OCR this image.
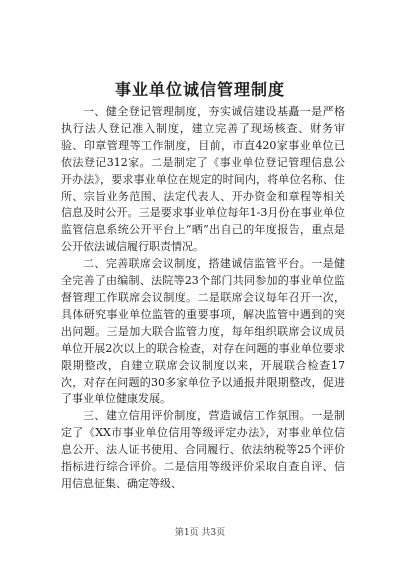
事业单位诚信管理制度

一、健全登记管理制度，夯实诚信建设基矗一是严格执行法人登记准入制度，建立完善了现场核查、财务审验、印章管理等工作制度，目前，市直420家事业单位已依法登记312家。二是制定了《事业单位登记管理信息公开办法》，要求事业单位在规定的时间内，将单位名称、住所、宗旨业务范围、法定代表人、开办资金和章程等相关信息及时公开。三是要求事业单位每年1-3月份在事业单位监管信息系统公开平台上“晒”出自己的年度报告，重点是公开依法诚信履行职责情况。

二、完善联席会议制度，搭建诚信监管平台。一是健全完善了由编制、法院等23个部门共同参加的事业单位监督管理工作联席会议制度。二是联席会议每年召开一次，具体研究事业单位监管的重要事项，解决监管中遇到的突出问题。三是加大联合监管力度，每年组织联席会议成员单位开展2次以上的联合检查，对存在问题的事业单位要求限期整改，自建立联席会议制度以来，开展联合检查17次，对存在问题的30多家单位予以通报并限期整改，促进了事业单位健康发展。

三、建立信用评价制度，营造诚信工作氛围。一是制定了《XX市事业单位信用等级评定办法》，对事业单位信息公开、法人证书使用、合同履行、依法纳税等25个评价指标进行综合评价。二是信用等级评价采取自查自评、信用信息征集、确定等级、

第1页 共3页
